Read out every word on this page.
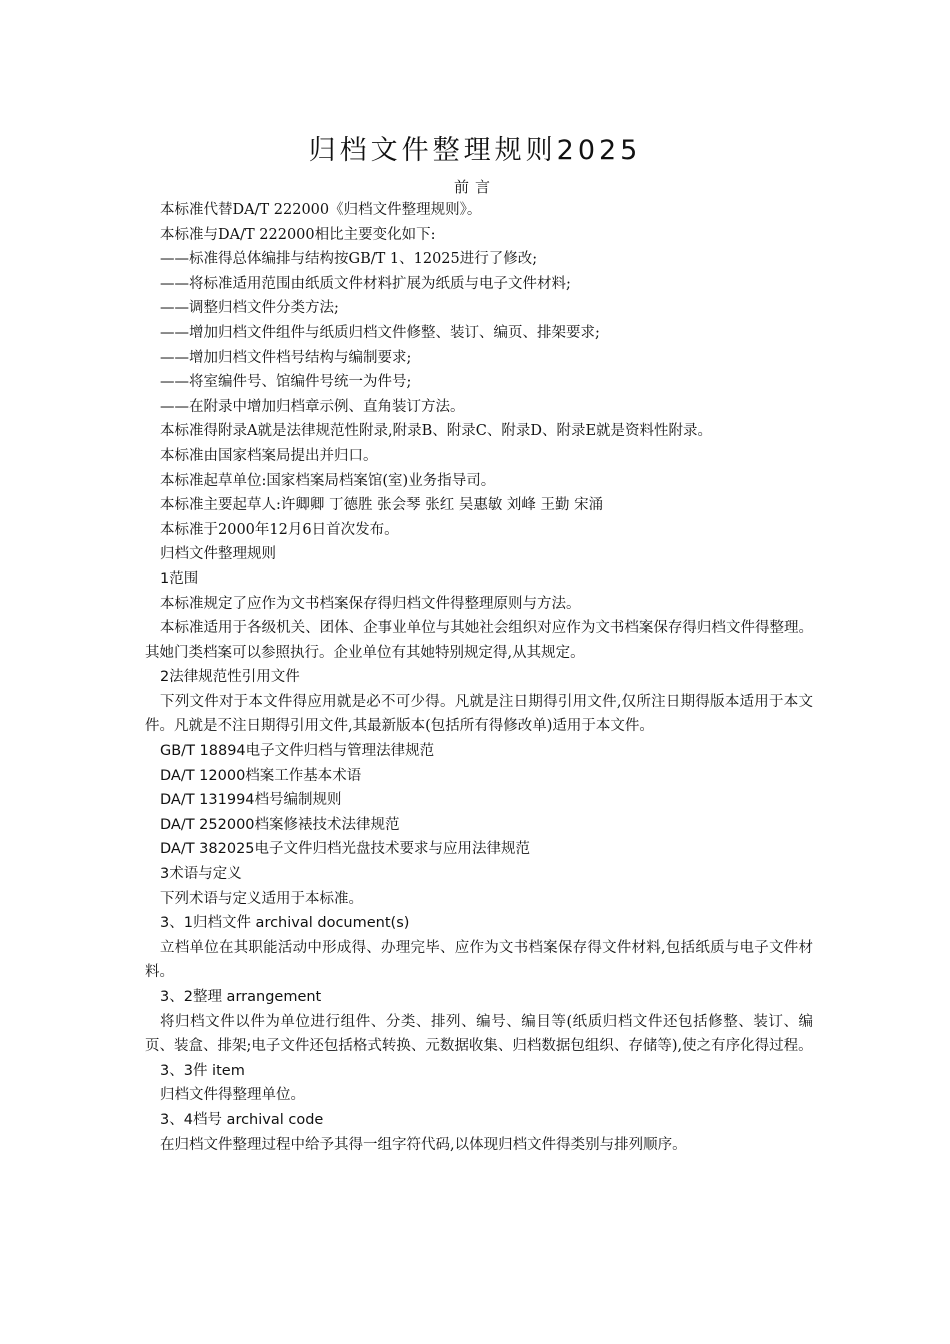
归档文件整理规则2025
前言

本标准代替DA/T 222000《归档文件整理规则》。

本标准与DA/T 222000相比主要变化如下:

——标准得总体编排与结构按GB/T 1、12025进行了修改;

——将标准适用范围由纸质文件材料扩展为纸质与电子文件材料;

——调整归档文件分类方法;

——增加归档文件组件与纸质归档文件修整、装订、编页、排架要求;

——增加归档文件档号结构与编制要求;

——将室编件号、馆编件号统一为件号;

——在附录中增加归档章示例、直角装订方法。

本标准得附录A就是法律规范性附录,附录B、附录C、附录D、附录E就是资料性附录。

本标准由国家档案局提出并归口。

本标准起草单位:国家档案局档案馆(室)业务指导司。

本标准主要起草人:许卿卿 丁德胜 张会琴 张红 吴惠敏 刘峰 王勤 宋涌

本标准于2000年12月6日首次发布。

归档文件整理规则

1范围

本标准规定了应作为文书档案保存得归档文件得整理原则与方法。

本标准适用于各级机关、团体、企事业单位与其她社会组织对应作为文书档案保存得归档文件得整理。其她门类档案可以参照执行。企业单位有其她特别规定得,从其规定。

2法律规范性引用文件

下列文件对于本文件得应用就是必不可少得。凡就是注日期得引用文件,仅所注日期得版本适用于本文件。凡就是不注日期得引用文件,其最新版本(包括所有得修改单)适用于本文件。

GB/T 18894电子文件归档与管理法律规范

DA/T 12000档案工作基本术语

DA/T 131994档号编制规则

DA/T 252000档案修裱技术法律规范

DA/T 382025电子文件归档光盘技术要求与应用法律规范

3术语与定义

下列术语与定义适用于本标准。

3、1归档文件 archival document(s)

立档单位在其职能活动中形成得、办理完毕、应作为文书档案保存得文件材料,包括纸质与电子文件材料。

3、2整理 arrangement

将归档文件以件为单位进行组件、分类、排列、编号、编目等(纸质归档文件还包括修整、装订、编页、装盒、排架;电子文件还包括格式转换、元数据收集、归档数据包组织、存储等),使之有序化得过程。

3、3件 item

归档文件得整理单位。

3、4档号 archival code

在归档文件整理过程中给予其得一组字符代码,以体现归档文件得类别与排列顺序。
